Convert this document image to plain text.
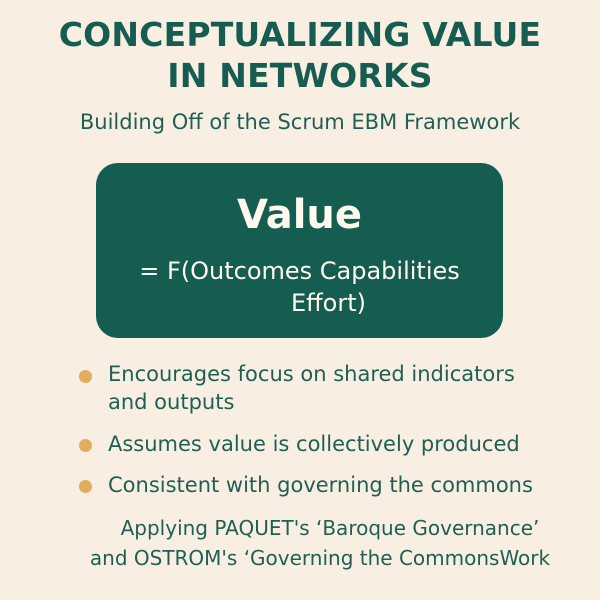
CONCEPTUALIZING VALUE
IN NETWORKS

Building Off of the Scrum EBM Framework

Value
= F(Outcomes Capabilities
Effort)
Encourages focus on shared indicators
and outputs
Assumes value is collectively produced
Consistent with governing the commons
Applying PAQUET's ‘Baroque Governance’
and OSTROM's ‘Governing the CommonsWork
